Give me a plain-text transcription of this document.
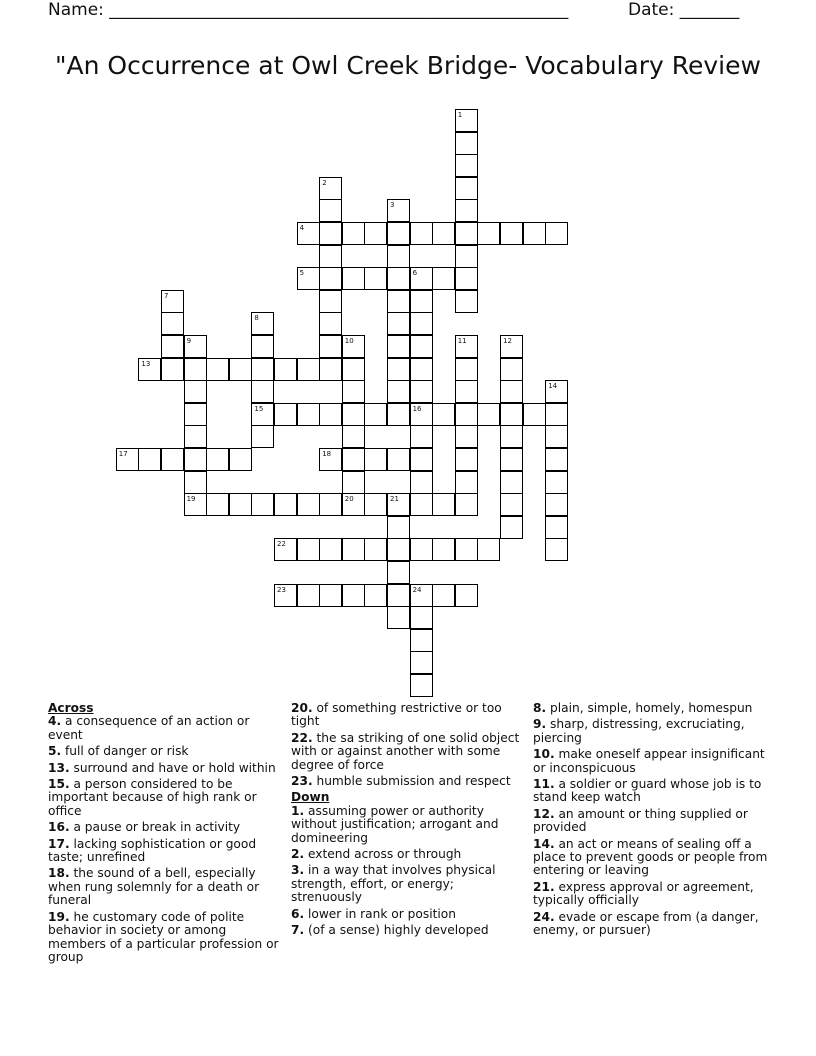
Name: ______________________________________________________	Date: _______
"An Occurrence at Owl Creek Bridge- Vocabulary Review
1
2
3
4
5	6
16
7
8
15
9
19
10	11	12
13
14
17	18
20	21
22
23	24
Across
4. a consequence of an action or event
5. full of danger or risk
13. surround and have or hold within
15. a person considered to be important because of high rank or office
16. a pause or break in activity
17. lacking sophistication or good taste; unrefined
18. the sound of a bell, especially when rung solemnly for a death or funeral
19. he customary code of polite behavior in society or among members of a particular profession or group
20. of something restrictive or too tight
22. the sa striking of one solid object with or against another with some degree of force
23. humble submission and respect
Down
1. assuming power or authority without justification; arrogant and domineering
2. extend across or through
3. in a way that involves physical strength, effort, or energy; strenuously
6. lower in rank or position
7. (of a sense) highly developed
8. plain, simple, homely, homespun
9. sharp, distressing, excruciating, piercing
10. make oneself appear insignificant or inconspicuous
11. a soldier or guard whose job is to stand keep watch
12. an amount or thing supplied or provided
14. an act or means of sealing off a place to prevent goods or people from entering or leaving
21. express approval or agreement, typically officially
24. evade or escape from (a danger, enemy, or pursuer)
